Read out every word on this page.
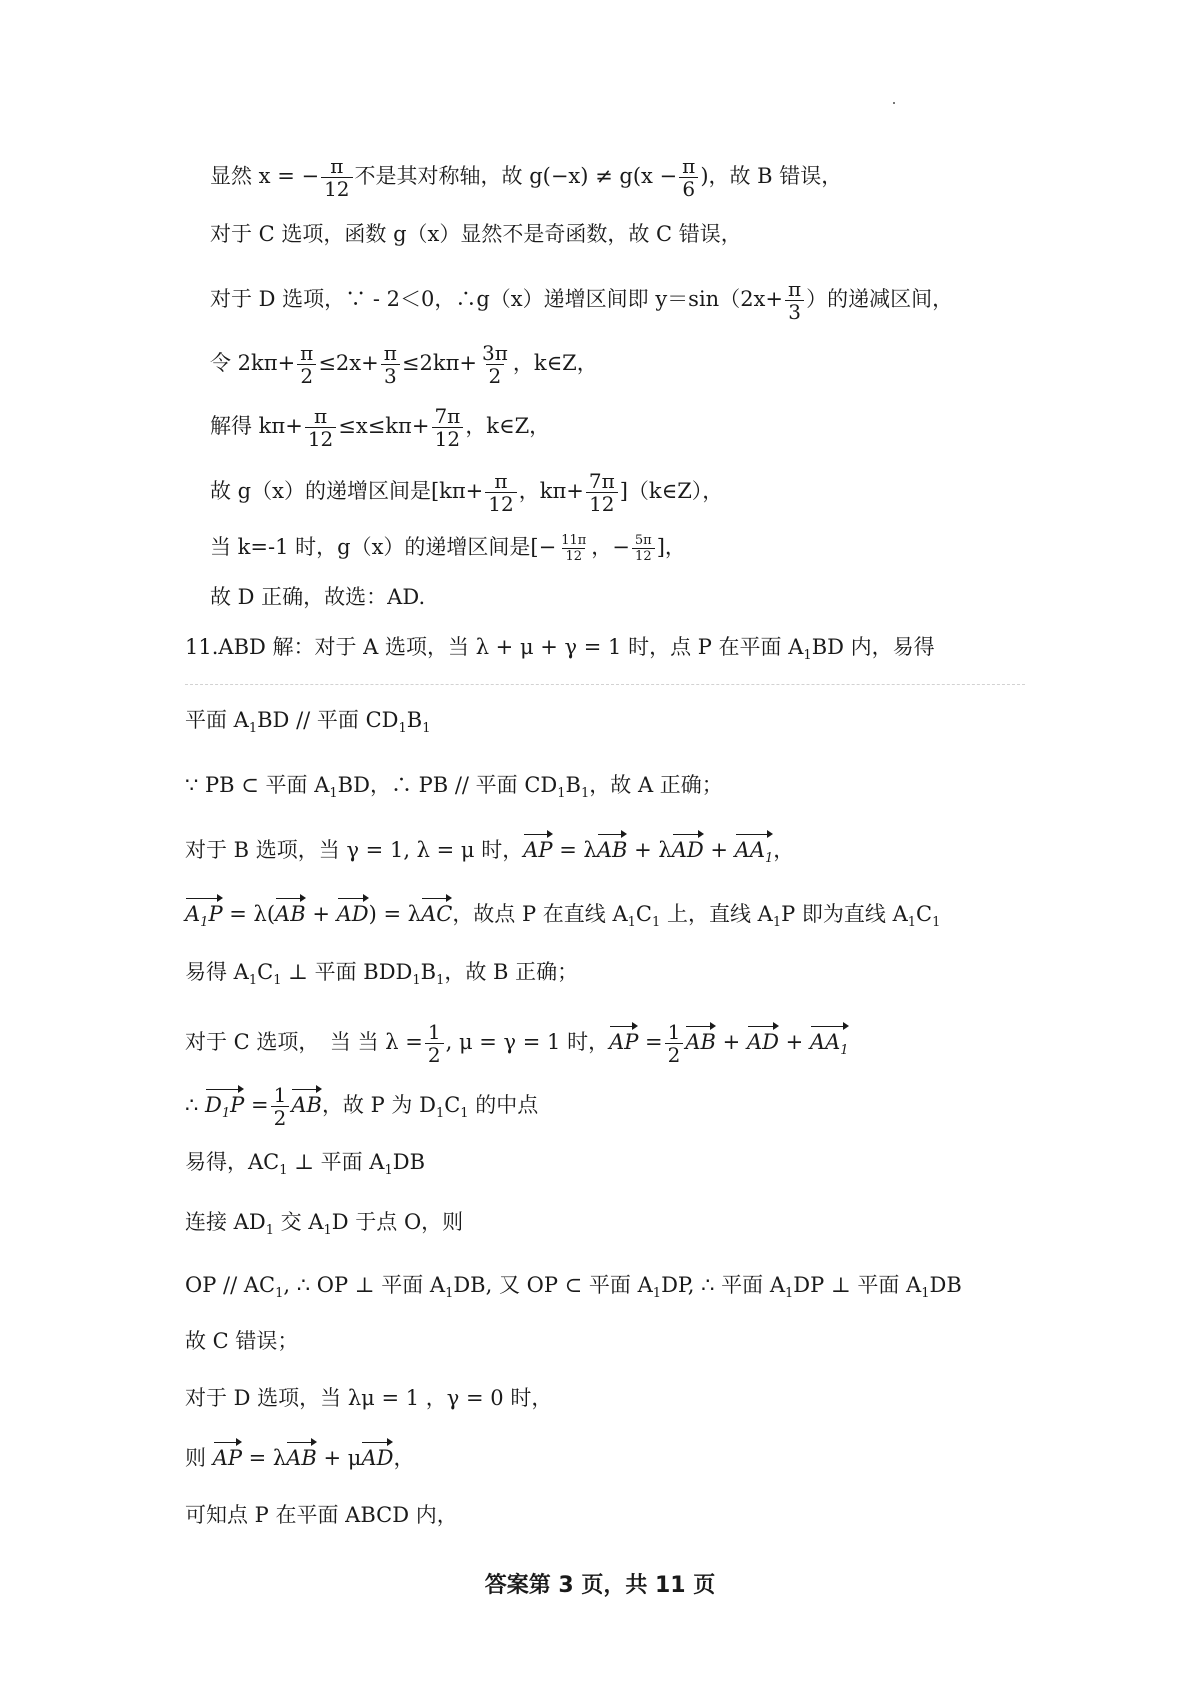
显然 x = − $\frac{\pi}{12}$ 不是其对称轴，故 $g(-x) \ne g(x - \frac{\pi}{6}$ )，故 B 错误，
对于 C 选项，函数 g（x）显然不是奇函数，故 C 错误，
对于 D 选项，∵ - 2＜0，∴g（x）递增区间即 $y=\sin(2x+ \frac{\pi}{3}$ ）的递减区间，
令 $2k\pi+ \frac{\pi}{2} \le 2x+ \frac{\pi}{3} \le 2k\pi+ \frac{3\pi}{2}$ ，k∈Z，
解得 $k\pi+ \frac{\pi}{12} \le x\le k\pi+ \frac{7\pi}{12}$ ，k∈Z，
故 g（x）的递增区间是[$k\pi+ \frac{\pi}{12}$ ，$k\pi+ \frac{7\pi}{12}$ ]（k∈Z），
当 k=-1 时，g（x）的递增区间是[− $\frac{11\pi}{12}$ ，− $\frac{5\pi}{12}$ ]，
故 D 正确，故选：AD.
11.ABD 解：对于 A 选项，当 λ + μ + γ = 1 时，点 P 在平面 $A_1BD$ 内，易得
平面 $A_1BD$ // 平面 $CD_1B_1$
∵ PB ⊂ 平面 $A_1BD$，∴ PB // 平面 $CD_1B_1$，故 A 正确；
对于 B 选项，当 γ = 1, λ = μ 时，AP = $\lambda AB + \lambda AD + AA_1$，
$A_1P = \lambda(AB + AD) = \lambda AC$，故点 P 在直线 $A_1C_1$ 上，直线 $A_1P$ 即为直线 $A_1C_1$
易得 $A_1C_1$ ⊥ 平面 $BDD_1B_1$，故 B 正确；
对于 C 选项，　当 当 $\lambda = \frac{1}{2}$ , μ = γ = 1 时，AP = $\frac{1}{2}$ AB + AD + $AA_1$
∴ $D_1P = \frac{1}{2}$ AB，故 P 为 $D_1C_1$ 的中点
易得，$AC_1$ ⊥ 平面 $A_1DB$
连接 $AD_1$ 交 $A_1D$ 于点 O，则
OP // $AC_1$, ∴ OP ⊥ 平面 $A_1DB$, 又 OP ⊂ 平面 $A_1DP$, ∴ 平面 $A_1DP$ ⊥ 平面 $A_1DB$
故 C 错误；
对于 D 选项，当 λμ = 1 ，γ = 0 时，
则 AP = λAB + μAD，
可知点 P 在平面 ABCD 内，
答案第 3 页，共 11 页
